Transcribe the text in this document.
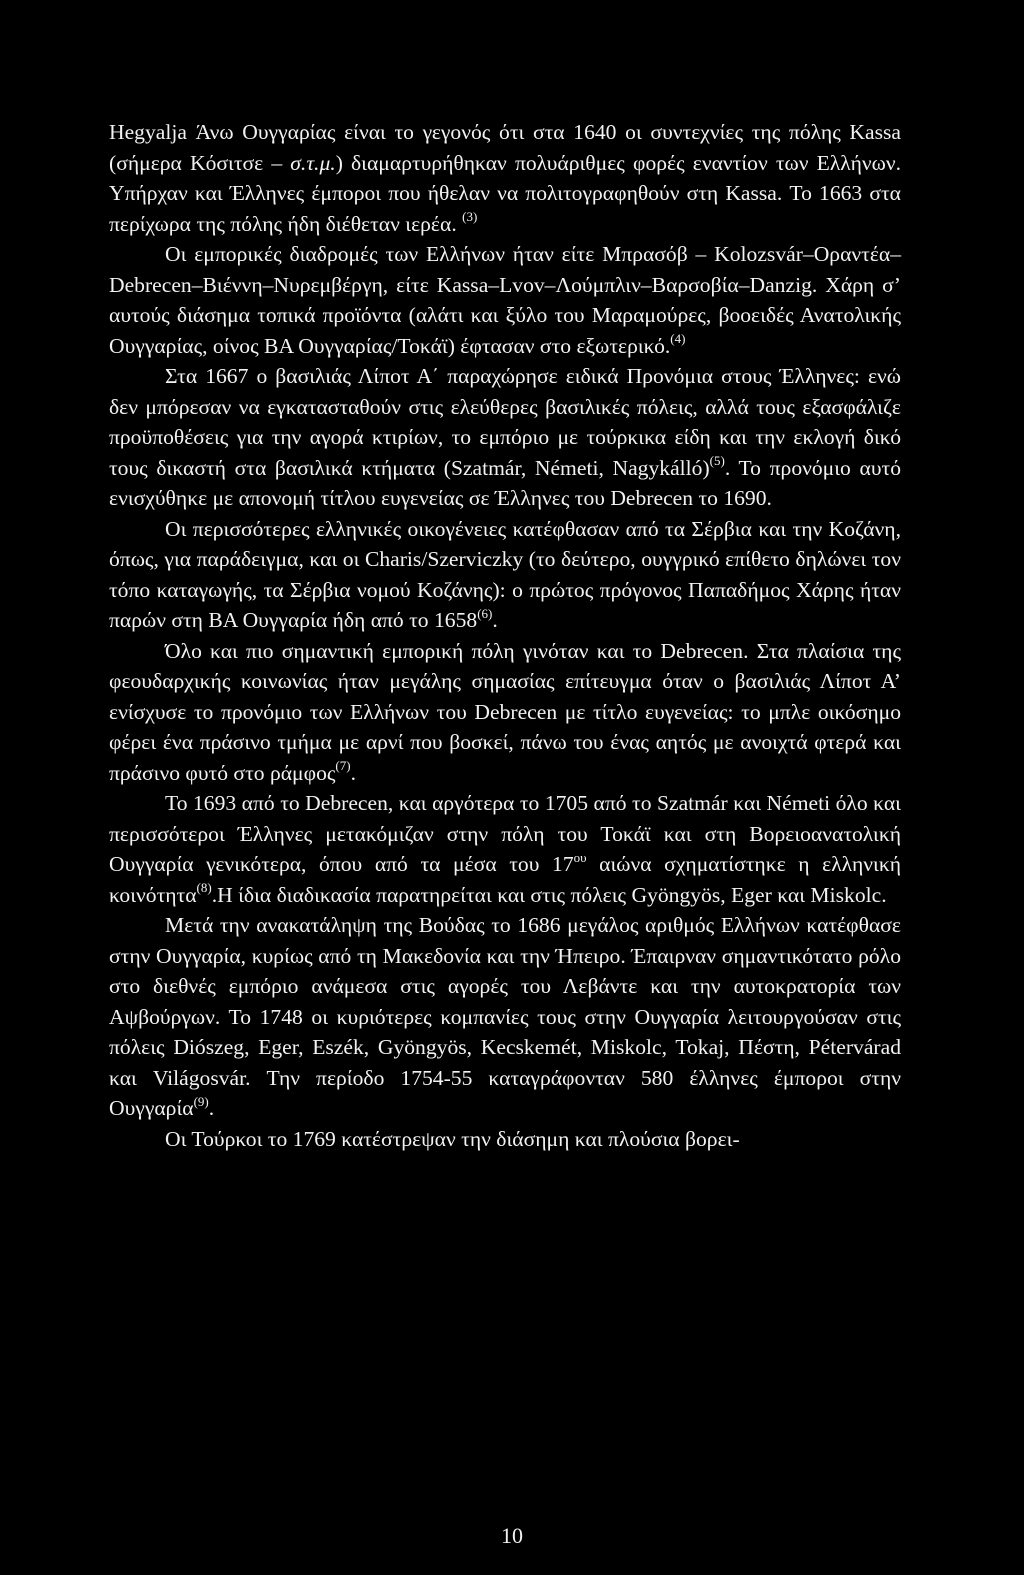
Hegyalja Άνω Ουγγαρίας είναι το γεγονός ότι στα 1640 οι συντεχνίες της πόλης Kassa (σήμερα Κόσιτσε – σ.τ.μ.) διαμαρτυρήθηκαν πολυάριθμες φορές εναντίον των Ελλήνων. Υπήρχαν και Έλληνες έμποροι που ήθελαν να πολιτογραφηθούν στη Kassa. Το 1663 στα περίχωρα της πόλης ήδη διέθεταν ιερέα. $^{(3)}$

Οι εμπορικές διαδρομές των Ελλήνων ήταν είτε Μπρασόβ – Kolozsvár–Οραντέα–Debrecen–Βιέννη–Νυρεμβέργη, είτε Kassa–Lvov–Λούμπλιν–Βαρσοβία–Danzig. Χάρη σ’ αυτούς διάσημα τοπικά προϊόντα (αλάτι και ξύλο του Μαραμούρες, βοοειδές Ανατολικής Ουγγαρίας, οίνος ΒΑ Ουγγαρίας/Τοκάϊ) έφτασαν στο εξωτερικό.$^{(4)}$

Στα 1667 ο βασιλιάς Λίποτ Α΄ παραχώρησε ειδικά Προνόμια στους Έλληνες: ενώ δεν μπόρεσαν να εγκατασταθούν στις ελεύθερες βασιλικές πόλεις, αλλά τους εξασφάλιζε προϋποθέσεις για την αγορά κτιρίων, το εμπόριο με τούρκικα είδη και την εκλογή δικό τους δικαστή στα βασιλικά κτήματα (Szatmár, Németi, Nagykálló)$^{(5)}$. Το προνόμιο αυτό ενισχύθηκε με απονομή τίτλου ευγενείας σε Έλληνες του Debrecen το 1690.

Οι περισσότερες ελληνικές οικογένειες κατέφθασαν από τα Σέρβια και την Κοζάνη, όπως, για παράδειγμα, και οι Charis/Szerviczky (το δεύτερο, ουγγρικό επίθετο δηλώνει τον τόπο καταγωγής, τα Σέρβια νομού Κοζάνης): ο πρώτος πρόγονος Παπαδήμος Χάρης ήταν παρών στη ΒΑ Ουγγαρία ήδη από το 1658$^{(6)}$.

Όλο και πιο σημαντική εμπορική πόλη γινόταν και το Debrecen. Στα πλαίσια της φεουδαρχικής κοινωνίας ήταν μεγάλης σημασίας επίτευγμα όταν ο βασιλιάς Λίποτ Α’ ενίσχυσε το προνόμιο των Ελλήνων του Debrecen με τίτλο ευγενείας: το μπλε οικόσημο φέρει ένα πράσινο τμήμα με αρνί που βοσκεί, πάνω του ένας αητός με ανοιχτά φτερά και πράσινο φυτό στο ράμφος$^{(7)}$.

Το 1693 από το Debrecen, και αργότερα το 1705 από το Szatmár και Németi όλο και περισσότεροι Έλληνες μετακόμιζαν στην πόλη του Τοκάϊ και στη Βορειοανατολική Ουγγαρία γενικότερα, όπου από τα μέσα του $17^{o\upsilon}$ αιώνα σχηματίστηκε η ελληνική κοινότητα$^{(8)}$.Η ίδια διαδικασία παρατηρείται και στις πόλεις Gyöngyös, Eger και Miskolc.

Μετά την ανακατάληψη της Βούδας το 1686 μεγάλος αριθμός Ελλήνων κατέφθασε στην Ουγγαρία, κυρίως από τη Μακεδονία και την Ήπειρο. Έπαιρναν σημαντικότατο ρόλο στο διεθνές εμπόριο ανάμεσα στις αγορές του Λεβάντε και την αυτοκρατορία των Αψβούργων. Το 1748 οι κυριότερες κομπανίες τους στην Ουγγαρία λειτουργούσαν στις πόλεις Diószeg, Eger, Eszék, Gyöngyös, Kecskemét, Miskolc, Tokaj, Πέστη, Pétervárad και Világosvár. Την περίοδο 1754-55 καταγράφονταν 580 έλληνες έμποροι στην Ουγγαρία$^{(9)}$.

Οι Τούρκοι το 1769 κατέστρεψαν την διάσημη και πλούσια βορει-

10
